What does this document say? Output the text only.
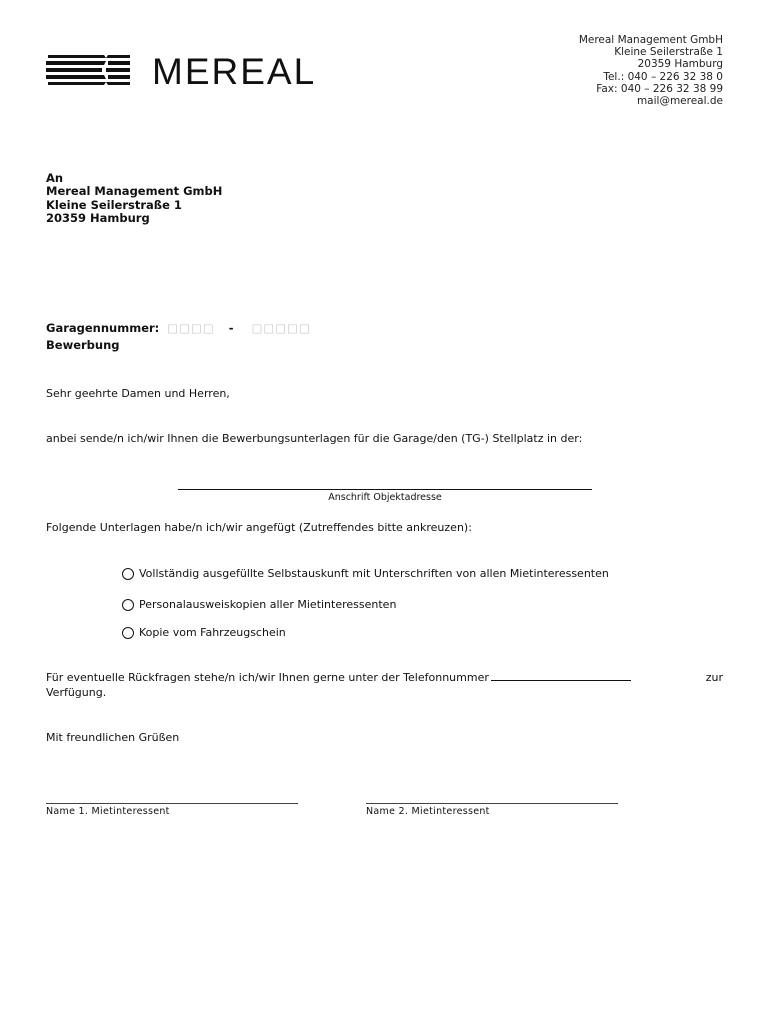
MEREAL
Mereal Management GmbH
Kleine Seilerstraße 1
20359 Hamburg
Tel.: 040 – 226 32 38 0
Fax: 040 – 226 32 38 99
mail@mereal.de
An
Mereal Management GmbH
Kleine Seilerstraße 1
20359 Hamburg
Garagennummer: □□□□ - □□□□□
Bewerbung
Sehr geehrte Damen und Herren,
anbei sende/n ich/wir Ihnen die Bewerbungsunterlagen für die Garage/den (TG-) Stellplatz in der:
Anschrift Objektadresse
Folgende Unterlagen habe/n ich/wir angefügt (Zutreffendes bitte ankreuzen):
Vollständig ausgefüllte Selbstauskunft mit Unterschriften von allen Mietinteressenten
Personalausweiskopien aller Mietinteressenten
Kopie vom Fahrzeugschein
Für eventuelle Rückfragen stehe/n ich/wir Ihnen gerne unter der Telefonnummer	zur
Verfügung.
Mit freundlichen Grüßen
Name 1. Mietinteressent	Name 2. Mietinteressent
